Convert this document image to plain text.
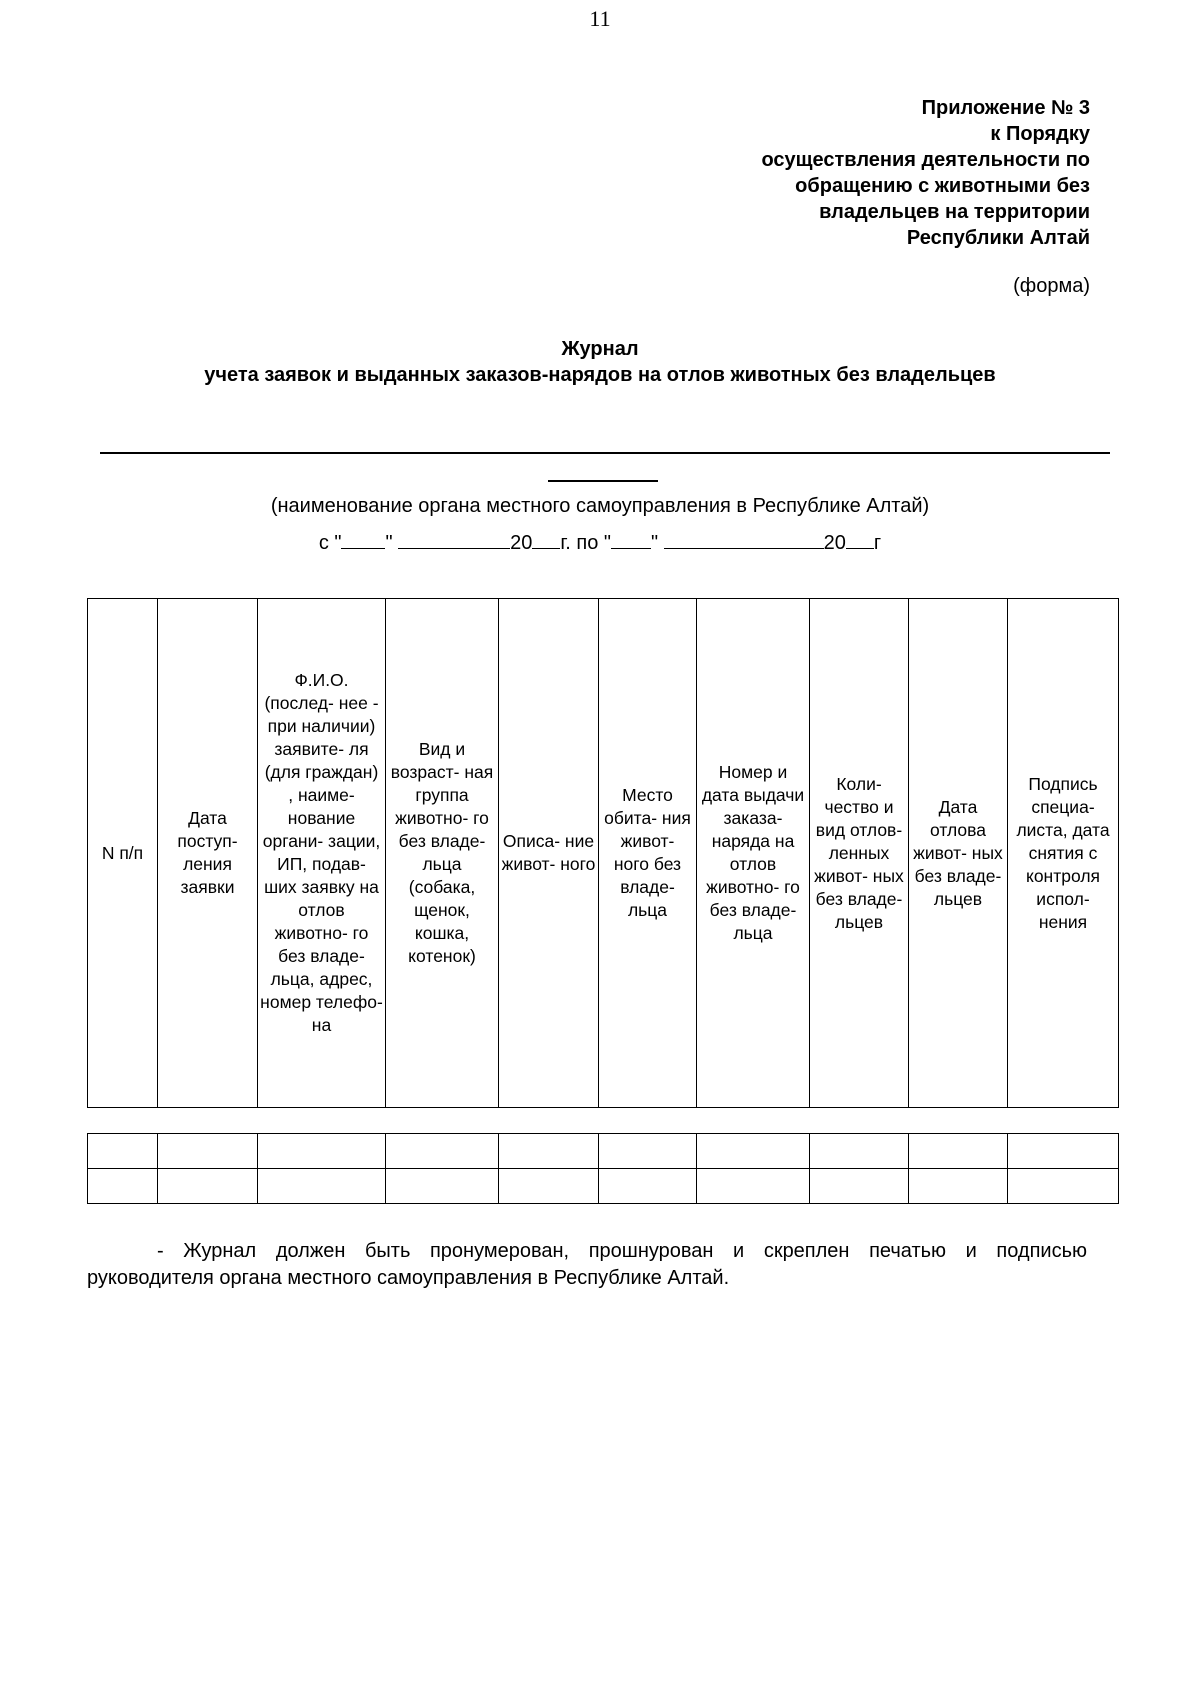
11
Приложение № 3
к Порядку
осуществления деятельности по
обращению с животными без
владельцев на территории
Республики Алтай
(форма)
Журнал
учета заявок и выданных заказов-нарядов на отлов животных без владельцев
(наименование органа местного самоуправления в Республике Алтай)
с " "	20 г. по " "	20 г
N п/п	Дата поступ- ления заявки	Ф.И.О. (послед- нее - при наличии) заявите- ля (для граждан) , наиме- нование органи- зации, ИП, подав- ших заявку на отлов животно- го без владе- льца, адрес, номер телефо- на	Вид и возраст- ная группа животно- го без владе- льца (собака, щенок, кошка, котенок)	Описа- ние живот- ного	Место обита- ния живот- ного без владе- льца	Номер и дата выдачи заказа- наряда на отлов животно- го без владе- льца	Коли- чество и вид отлов- ленных живот- ных без владе- льцев	Дата отлова живот- ных без владе- льцев	Подпись специа- листа, дата снятия с контроля испол- нения

- Журнал должен быть пронумерован, прошнурован и скреплен печатью и подписью
руководителя органа местного самоуправления в Республике Алтай.
